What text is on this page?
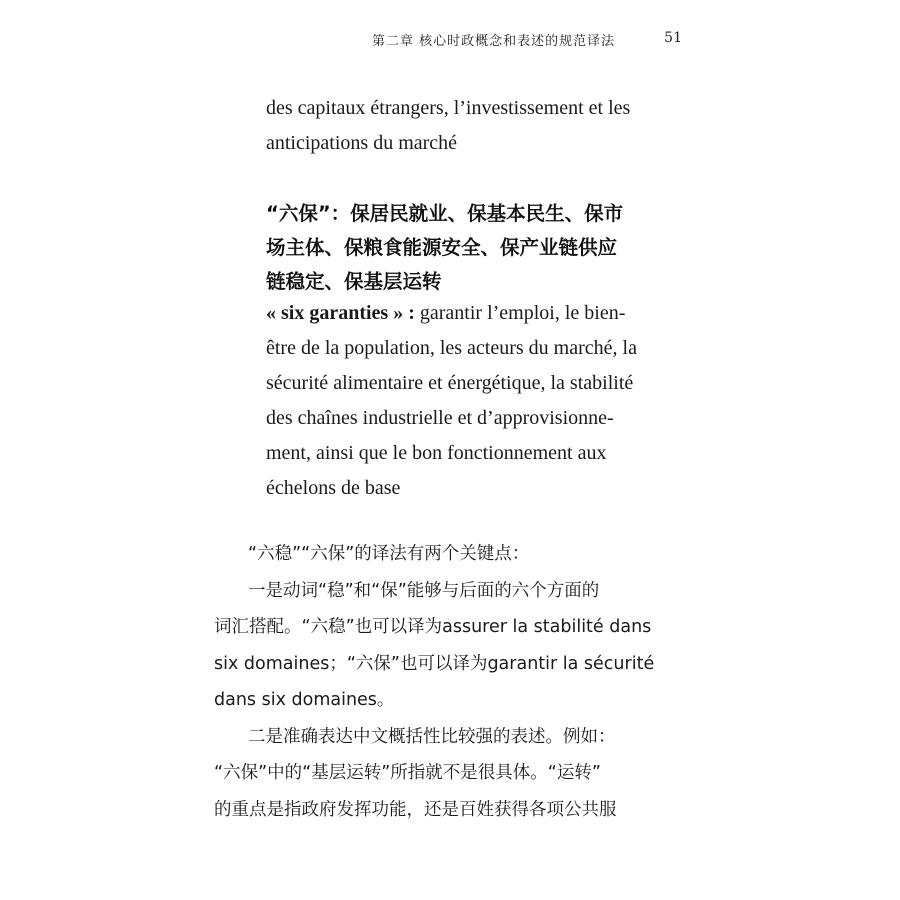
第二章 核心时政概念和表述的规范译法	51

des capitaux étrangers, l’investissement et les

anticipations du marché

“六保”：保居民就业、保基本民生、保市

场主体、保粮食能源安全、保产业链供应

链稳定、保基层运转

« six garanties » : garantir l’emploi, le bien-

être de la population, les acteurs du marché, la

sécurité alimentaire et énergétique, la stabilité

des chaînes industrielle et d’approvisionne-

ment, ainsi que le bon fonctionnement aux

échelons de base

“六稳”“六保”的译法有两个关键点：

一是动词“稳”和“保”能够与后面的六个方面的

词汇搭配。“六稳”也可以译为assurer la stabilité dans

six domaines；“六保”也可以译为garantir la sécurité

dans six domaines。

二是准确表达中文概括性比较强的表述。例如：

“六保”中的“基层运转”所指就不是很具体。“运转”

的重点是指政府发挥功能，还是百姓获得各项公共服
